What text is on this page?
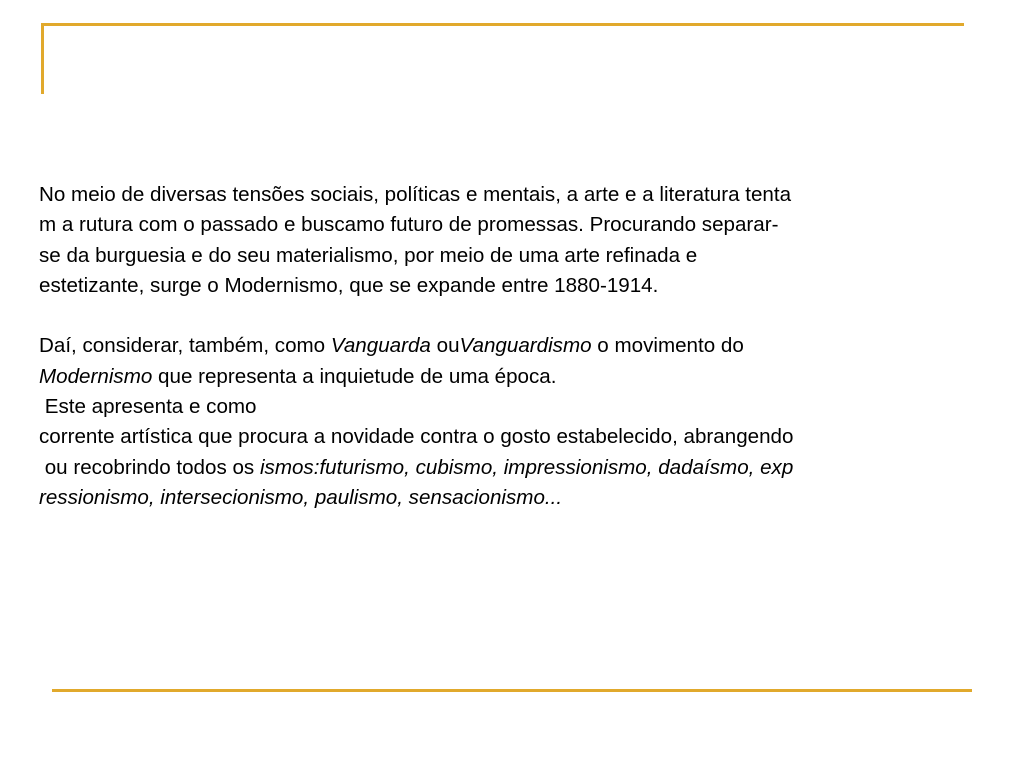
No meio de diversas tensões sociais, políticas e mentais, a arte e a literatura tenta
m a rutura com o passado e buscamo futuro de promessas. Procurando separar-
se da burguesia e do seu materialismo, por meio de uma arte refinada e
estetizante, surge o Modernismo, que se expande entre 1880-1914.
Daí, considerar, também, como Vanguarda ouVanguardismo o movimento do
Modernismo que representa a inquietude de uma época.
Este apresenta e como
corrente artística que procura a novidade contra o gosto estabelecido, abrangendo
ou recobrindo todos os ismos:futurismo, cubismo, impressionismo, dadaísmo, exp
ressionismo, intersecionismo, paulismo, sensacionismo...
